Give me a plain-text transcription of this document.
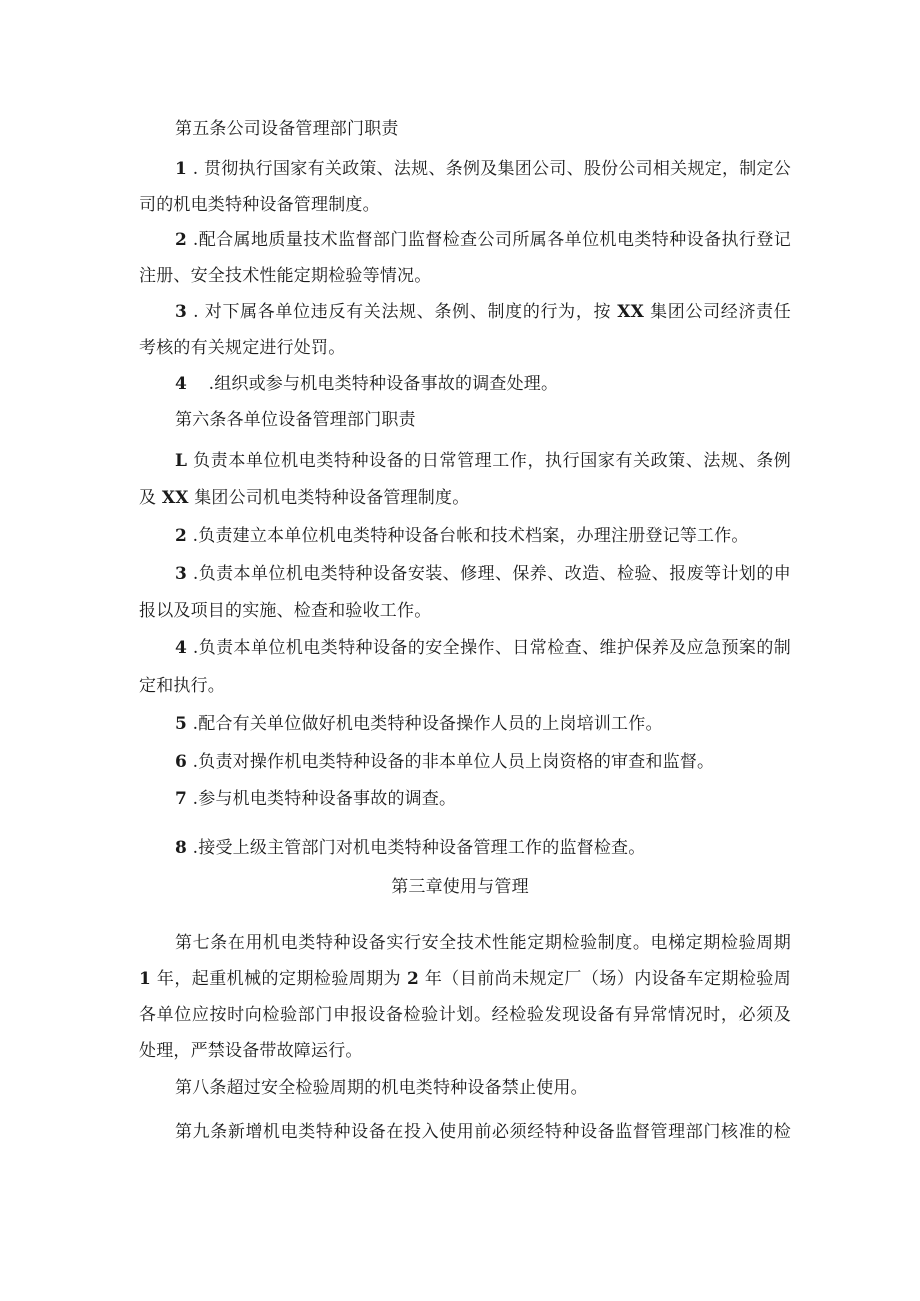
第五条公司设备管理部门职责
1 . 贯彻执行国家有关政策、法规、条例及集团公司、股份公司相关规定，制定公
司的机电类特种设备管理制度。
2 .配合属地质量技术监督部门监督检查公司所属各单位机电类特种设备执行登记
注册、安全技术性能定期检验等情况。
3 . 对下属各单位违反有关法规、条例、制度的行为，按 XX 集团公司经济责任
考核的有关规定进行处罚。
4 .组织或参与机电类特种设备事故的调查处理。
第六条各单位设备管理部门职责
L 负责本单位机电类特种设备的日常管理工作，执行国家有关政策、法规、条例
及 XX 集团公司机电类特种设备管理制度。
2 .负责建立本单位机电类特种设备台帐和技术档案，办理注册登记等工作。
3 .负责本单位机电类特种设备安装、修理、保养、改造、检验、报废等计划的申
报以及项目的实施、检查和验收工作。
4 .负责本单位机电类特种设备的安全操作、日常检查、维护保养及应急预案的制
定和执行。
5 .配合有关单位做好机电类特种设备操作人员的上岗培训工作。
6 .负责对操作机电类特种设备的非本单位人员上岗资格的审查和监督。
7 .参与机电类特种设备事故的调查。
8 .接受上级主管部门对机电类特种设备管理工作的监督检查。
第三章使用与管理
第七条在用机电类特种设备实行安全技术性能定期检验制度。电梯定期检验周期
1 年，起重机械的定期检验周期为 2 年（目前尚未规定厂（场）内设备车定期检验周
各单位应按时向检验部门申报设备检验计划。经检验发现设备有异常情况时，必须及
处理，严禁设备带故障运行。
第八条超过安全检验周期的机电类特种设备禁止使用。
第九条新增机电类特种设备在投入使用前必须经特种设备监督管理部门核准的检
